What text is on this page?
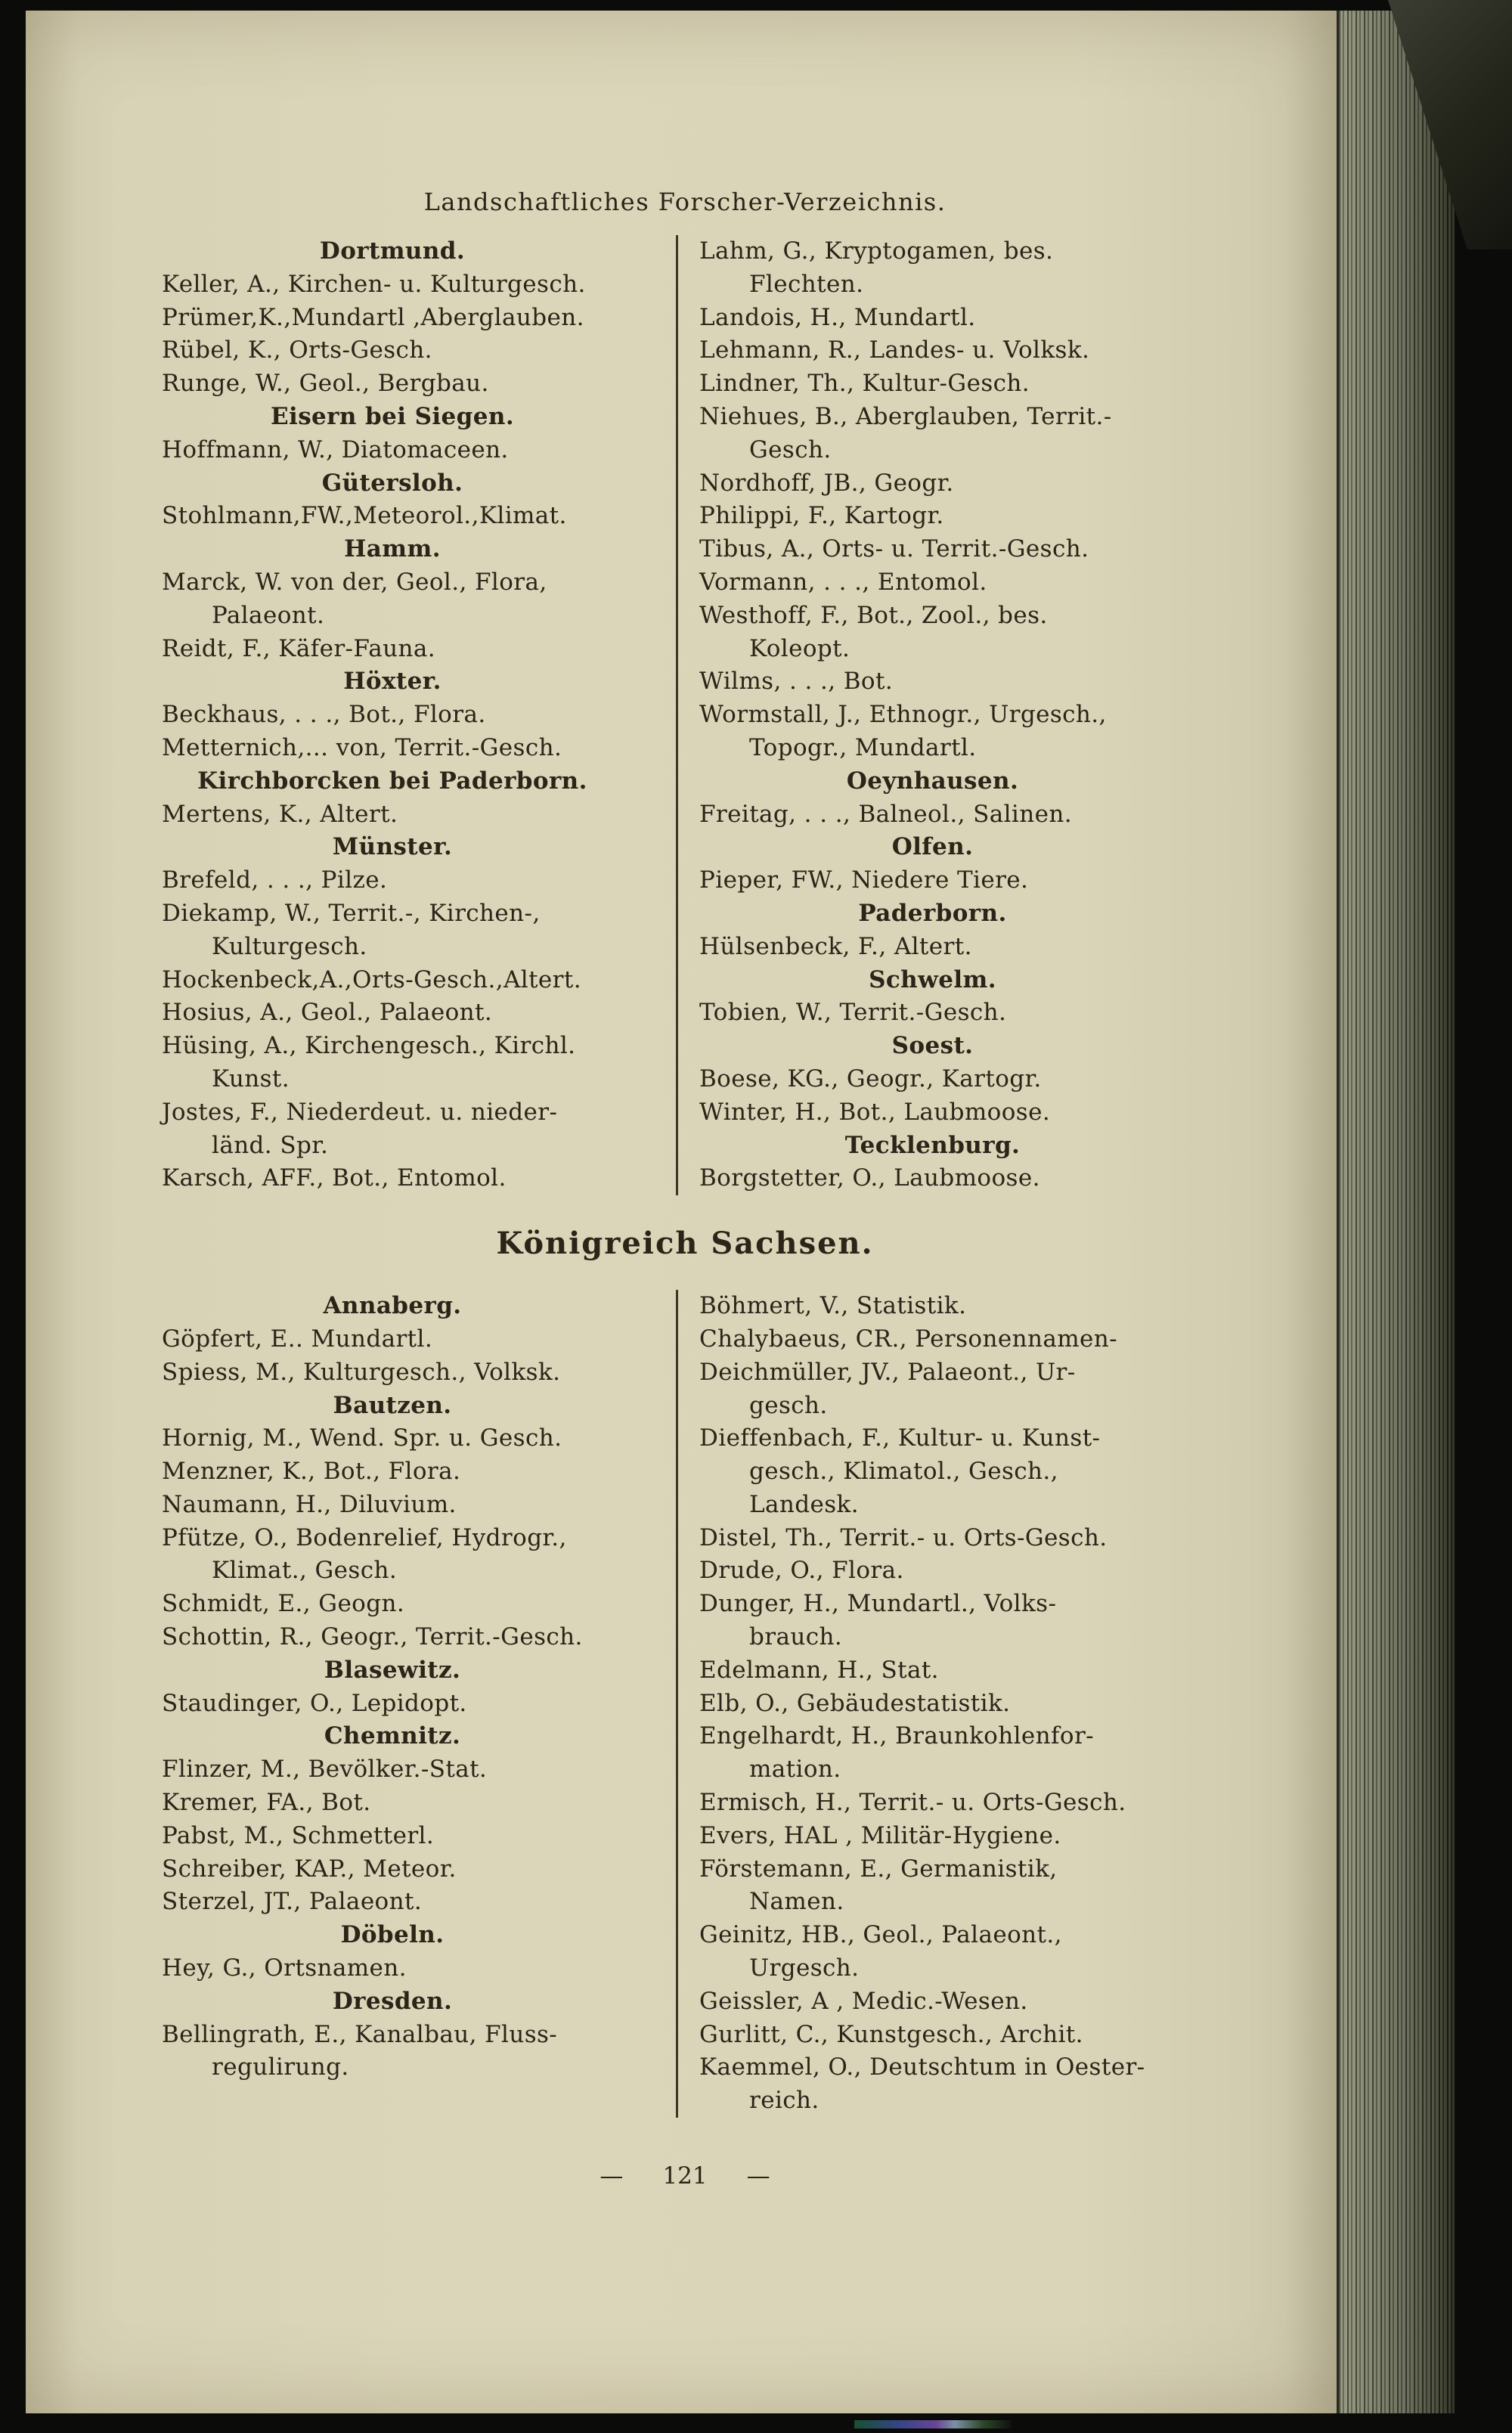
Landschaftliches Forscher-Verzeichnis.
Dortmund.
Keller, A., Kirchen- u. Kulturgesch.
Prümer,K.,Mundartl ,Aberglauben.
Rübel, K., Orts-Gesch.
Runge, W., Geol., Bergbau.
Eisern bei Siegen.
Hoffmann, W., Diatomaceen.
Gütersloh.
Stohlmann,FW.,Meteorol.,Klimat.
Hamm.
Marck, W. von der, Geol., Flora,
Palaeont.
Reidt, F., Käfer-Fauna.
Höxter.
Beckhaus, . . ., Bot., Flora.
Metternich,... von, Territ.-Gesch.
Kirchborcken bei Paderborn.
Mertens, K., Altert.
Münster.
Brefeld, . . ., Pilze.
Diekamp, W., Territ.-, Kirchen-,
Kulturgesch.
Hockenbeck,A.,Orts-Gesch.,Altert.
Hosius, A., Geol., Palaeont.
Hüsing, A., Kirchengesch., Kirchl.
Kunst.
Jostes, F., Niederdeut. u. nieder-
länd. Spr.
Karsch, AFF., Bot., Entomol.
Lahm, G., Kryptogamen, bes.
Flechten.
Landois, H., Mundartl.
Lehmann, R., Landes- u. Volksk.
Lindner, Th., Kultur-Gesch.
Niehues, B., Aberglauben, Territ.-
Gesch.
Nordhoff, JB., Geogr.
Philippi, F., Kartogr.
Tibus, A., Orts- u. Territ.-Gesch.
Vormann, . . ., Entomol.
Westhoff, F., Bot., Zool., bes.
Koleopt.
Wilms, . . ., Bot.
Wormstall, J., Ethnogr., Urgesch.,
Topogr., Mundartl.
Oeynhausen.
Freitag, . . ., Balneol., Salinen.
Olfen.
Pieper, FW., Niedere Tiere.
Paderborn.
Hülsenbeck, F., Altert.
Schwelm.
Tobien, W., Territ.-Gesch.
Soest.
Boese, KG., Geogr., Kartogr.
Winter, H., Bot., Laubmoose.
Tecklenburg.
Borgstetter, O., Laubmoose.
Königreich Sachsen.
Annaberg.
Göpfert, E.. Mundartl.
Spiess, M., Kulturgesch., Volksk.
Bautzen.
Hornig, M., Wend. Spr. u. Gesch.
Menzner, K., Bot., Flora.
Naumann, H., Diluvium.
Pfütze, O., Bodenrelief, Hydrogr.,
Klimat., Gesch.
Schmidt, E., Geogn.
Schottin, R., Geogr., Territ.-Gesch.
Blasewitz.
Staudinger, O., Lepidopt.
Chemnitz.
Flinzer, M., Bevölker.-Stat.
Kremer, FA., Bot.
Pabst, M., Schmetterl.
Schreiber, KAP., Meteor.
Sterzel, JT., Palaeont.
Döbeln.
Hey, G., Ortsnamen.
Dresden.
Bellingrath, E., Kanalbau, Fluss-
regulirung.
Böhmert, V., Statistik.
Chalybaeus, CR., Personennamen-
Deichmüller, JV., Palaeont., Ur-
gesch.
Dieffenbach, F., Kultur- u. Kunst-
gesch., Klimatol., Gesch.,
Landesk.
Distel, Th., Territ.- u. Orts-Gesch.
Drude, O., Flora.
Dunger, H., Mundartl., Volks-
brauch.
Edelmann, H., Stat.
Elb, O., Gebäudestatistik.
Engelhardt, H., Braunkohlenfor-
mation.
Ermisch, H., Territ.- u. Orts-Gesch.
Evers, HAL , Militär-Hygiene.
Förstemann, E., Germanistik,
Namen.
Geinitz, HB., Geol., Palaeont.,
Urgesch.
Geissler, A , Medic.-Wesen.
Gurlitt, C., Kunstgesch., Archit.
Kaemmel, O., Deutschtum in Oester-
reich.
— 121 —
